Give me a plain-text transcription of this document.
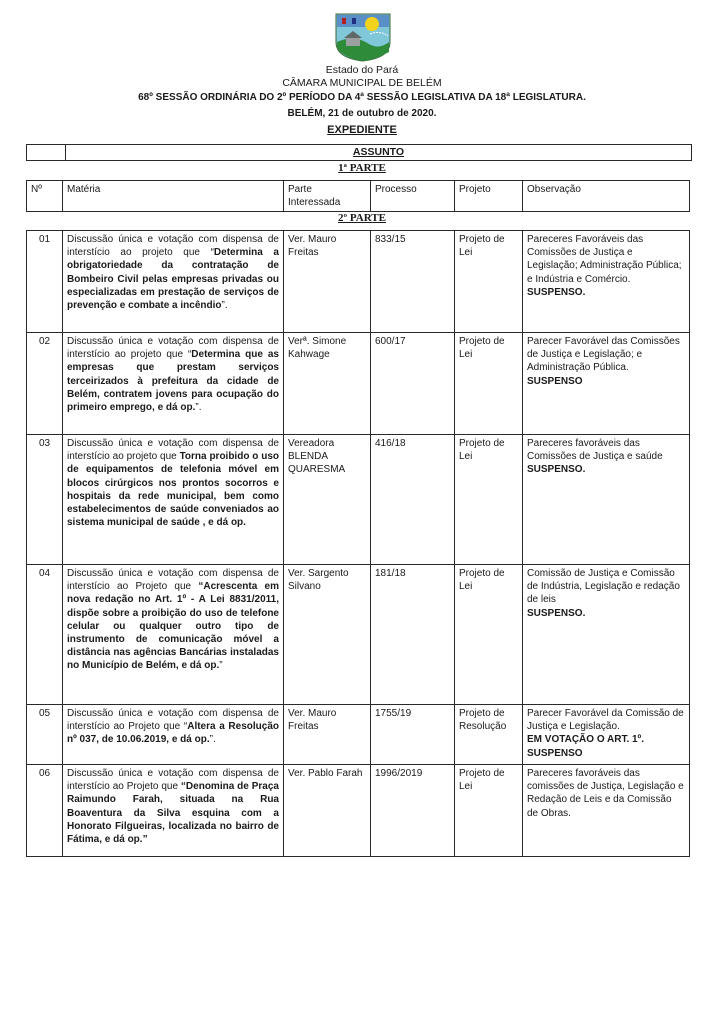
Estado do Pará
CÂMARA MUNICIPAL DE BELÉM
68º SESSÃO ORDINÁRIA DO 2º PERÍODO DA 4ª SESSÃO LEGISLATIVA DA 18ª LEGISLATURA.
BELÉM, 21 de outubro de 2020.
EXPEDIENTE
	ASSUNTO
1ª PARTE
Nº	Matéria	Parte Interessada	Processo	Projeto	Observação
2º PARTE
01	Discussão única e votação com dispensa de interstício ao projeto que “Determina a obrigatoriedade da contratação de Bombeiro Civil pelas empresas privadas ou especializadas em prestação de serviços de prevenção e combate a incêndio”.	Ver. Mauro Freitas	833/15	Projeto de Lei	Pareceres Favoráveis das Comissões de Justiça e Legislação; Administração Pública; e Indústria e Comércio.
SUSPENSO.
02	Discussão única e votação com dispensa de interstício ao projeto que “Determina que as empresas que prestam serviços terceirizados à prefeitura da cidade de Belém, contratem jovens para ocupação do primeiro emprego, e dá op.”.	Verª. Simone Kahwage	600/17	Projeto de Lei	Parecer Favorável das Comissões de Justiça e Legislação; e Administração Pública.
SUSPENSO
03	Discussão única e votação com dispensa de interstício ao projeto que Torna proibido o uso de equipamentos de telefonia móvel em blocos cirúrgicos nos prontos socorros e hospitais da rede municipal, bem como estabelecimentos de saúde conveniados ao sistema municipal de saúde , e dá op.	Vereadora BLENDA QUARESMA	416/18	Projeto de Lei	Pareceres favoráveis das Comissões de Justiça e saúde
SUSPENSO.
04	Discussão única e votação com dispensa de interstício ao Projeto que “Acrescenta em nova redação no Art. 1º - A Lei 8831/2011, dispõe sobre a proibição do uso de telefone celular ou qualquer outro tipo de instrumento de comunicação móvel a distância nas agências Bancárias instaladas no Município de Belém, e dá op.”	Ver. Sargento Silvano	181/18	Projeto de Lei	Comissão de Justiça e Comissão de Indústria, Legislação e redação de leis
SUSPENSO.
05	Discussão única e votação com dispensa de interstício ao Projeto que “Altera a Resolução nº 037, de 10.06.2019, e dá op.”.	Ver. Mauro Freitas	1755/19	Projeto de Resolução	Parecer Favorável da Comissão de Justiça e Legislação.
EM VOTAÇÃO O ART. 1º. SUSPENSO
06	Discussão única e votação com dispensa de interstício ao Projeto que “Denomina de Praça Raimundo Farah, situada na Rua Boaventura da Silva esquina com a Honorato Filgueiras, localizada no bairro de Fátima, e dá op.”	Ver. Pablo Farah	1996/2019	Projeto de Lei	Pareceres favoráveis das comissões de Justiça, Legislação e Redação de Leis e da Comissão de Obras.
